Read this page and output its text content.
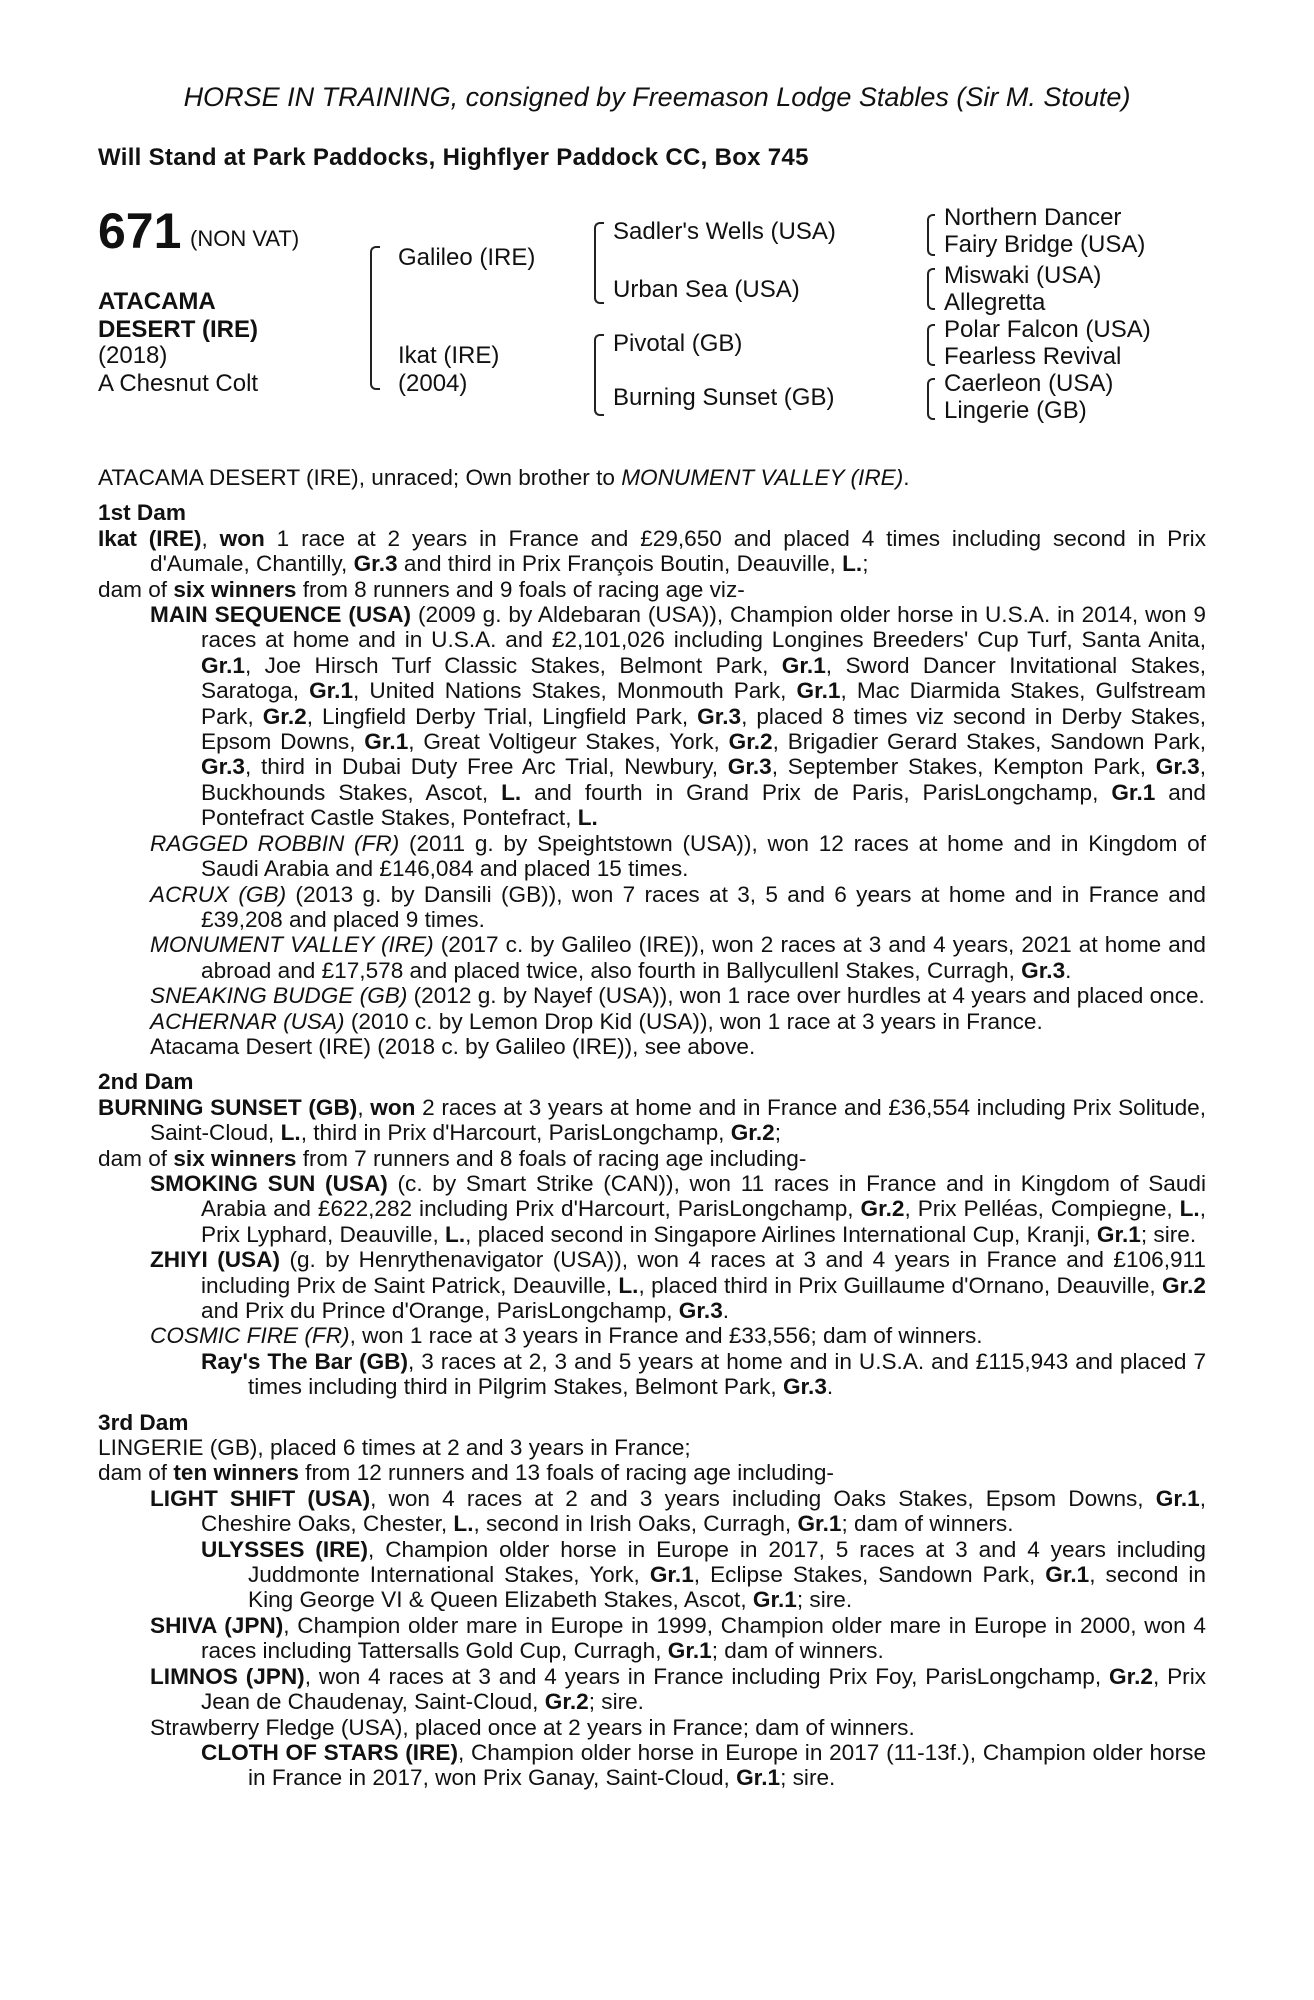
HORSE IN TRAINING, consigned by Freemason Lodge Stables (Sir M. Stoute)
Will Stand at Park Paddocks, Highflyer Paddock CC, Box 745
671 (NON VAT)
ATACAMA
DESERT (IRE)
(2018)
A Chesnut Colt
Galileo (IRE)
Ikat (IRE)
(2004)
Sadler's Wells (USA)
Urban Sea (USA)
Pivotal (GB)
Burning Sunset (GB)
Northern Dancer
Fairy Bridge (USA)
Miswaki (USA)
Allegretta
Polar Falcon (USA)
Fearless Revival
Caerleon (USA)
Lingerie (GB)

ATACAMA DESERT (IRE), unraced; Own brother to MONUMENT VALLEY (IRE).

1st Dam

Ikat (IRE), won 1 race at 2 years in France and £29,650 and placed 4 times including second in Prix d'Aumale, Chantilly, Gr.3 and third in Prix François Boutin, Deauville, L.;

dam of six winners from 8 runners and 9 foals of racing age viz-

MAIN SEQUENCE (USA) (2009 g. by Aldebaran (USA)), Champion older horse in U.S.A. in 2014, won 9 races at home and in U.S.A. and £2,101,026 including Longines Breeders' Cup Turf, Santa Anita, Gr.1, Joe Hirsch Turf Classic Stakes, Belmont Park, Gr.1, Sword Dancer Invitational Stakes, Saratoga, Gr.1, United Nations Stakes, Monmouth Park, Gr.1, Mac Diarmida Stakes, Gulfstream Park, Gr.2, Lingfield Derby Trial, Lingfield Park, Gr.3, placed 8 times viz second in Derby Stakes, Epsom Downs, Gr.1, Great Voltigeur Stakes, York, Gr.2, Brigadier Gerard Stakes, Sandown Park, Gr.3, third in Dubai Duty Free Arc Trial, Newbury, Gr.3, September Stakes, Kempton Park, Gr.3, Buckhounds Stakes, Ascot, L. and fourth in Grand Prix de Paris, ParisLongchamp, Gr.1 and Pontefract Castle Stakes, Pontefract, L.

RAGGED ROBBIN (FR) (2011 g. by Speightstown (USA)), won 12 races at home and in Kingdom of Saudi Arabia and £146,084 and placed 15 times.

ACRUX (GB) (2013 g. by Dansili (GB)), won 7 races at 3, 5 and 6 years at home and in France and £39,208 and placed 9 times.

MONUMENT VALLEY (IRE) (2017 c. by Galileo (IRE)), won 2 races at 3 and 4 years, 2021 at home and abroad and £17,578 and placed twice, also fourth in Ballycullenl Stakes, Curragh, Gr.3.

SNEAKING BUDGE (GB) (2012 g. by Nayef (USA)), won 1 race over hurdles at 4 years and placed once.

ACHERNAR (USA) (2010 c. by Lemon Drop Kid (USA)), won 1 race at 3 years in France.

Atacama Desert (IRE) (2018 c. by Galileo (IRE)), see above.

2nd Dam

BURNING SUNSET (GB), won 2 races at 3 years at home and in France and £36,554 including Prix Solitude, Saint-Cloud, L., third in Prix d'Harcourt, ParisLongchamp, Gr.2;

dam of six winners from 7 runners and 8 foals of racing age including-

SMOKING SUN (USA) (c. by Smart Strike (CAN)), won 11 races in France and in Kingdom of Saudi Arabia and £622,282 including Prix d'Harcourt, ParisLongchamp, Gr.2, Prix Pelléas, Compiegne, L., Prix Lyphard, Deauville, L., placed second in Singapore Airlines International Cup, Kranji, Gr.1; sire.

ZHIYI (USA) (g. by Henrythenavigator (USA)), won 4 races at 3 and 4 years in France and £106,911 including Prix de Saint Patrick, Deauville, L., placed third in Prix Guillaume d'Ornano, Deauville, Gr.2 and Prix du Prince d'Orange, ParisLongchamp, Gr.3.

COSMIC FIRE (FR), won 1 race at 3 years in France and £33,556; dam of winners.

Ray's The Bar (GB), 3 races at 2, 3 and 5 years at home and in U.S.A. and £115,943 and placed 7 times including third in Pilgrim Stakes, Belmont Park, Gr.3.

3rd Dam

LINGERIE (GB), placed 6 times at 2 and 3 years in France;

dam of ten winners from 12 runners and 13 foals of racing age including-

LIGHT SHIFT (USA), won 4 races at 2 and 3 years including Oaks Stakes, Epsom Downs, Gr.1, Cheshire Oaks, Chester, L., second in Irish Oaks, Curragh, Gr.1; dam of winners.

ULYSSES (IRE), Champion older horse in Europe in 2017, 5 races at 3 and 4 years including Juddmonte International Stakes, York, Gr.1, Eclipse Stakes, Sandown Park, Gr.1, second in King George VI & Queen Elizabeth Stakes, Ascot, Gr.1; sire.

SHIVA (JPN), Champion older mare in Europe in 1999, Champion older mare in Europe in 2000, won 4 races including Tattersalls Gold Cup, Curragh, Gr.1; dam of winners.

LIMNOS (JPN), won 4 races at 3 and 4 years in France including Prix Foy, ParisLongchamp, Gr.2, Prix Jean de Chaudenay, Saint-Cloud, Gr.2; sire.

Strawberry Fledge (USA), placed once at 2 years in France; dam of winners.

CLOTH OF STARS (IRE), Champion older horse in Europe in 2017 (11-13f.), Champion older horse in France in 2017, won Prix Ganay, Saint-Cloud, Gr.1; sire.
